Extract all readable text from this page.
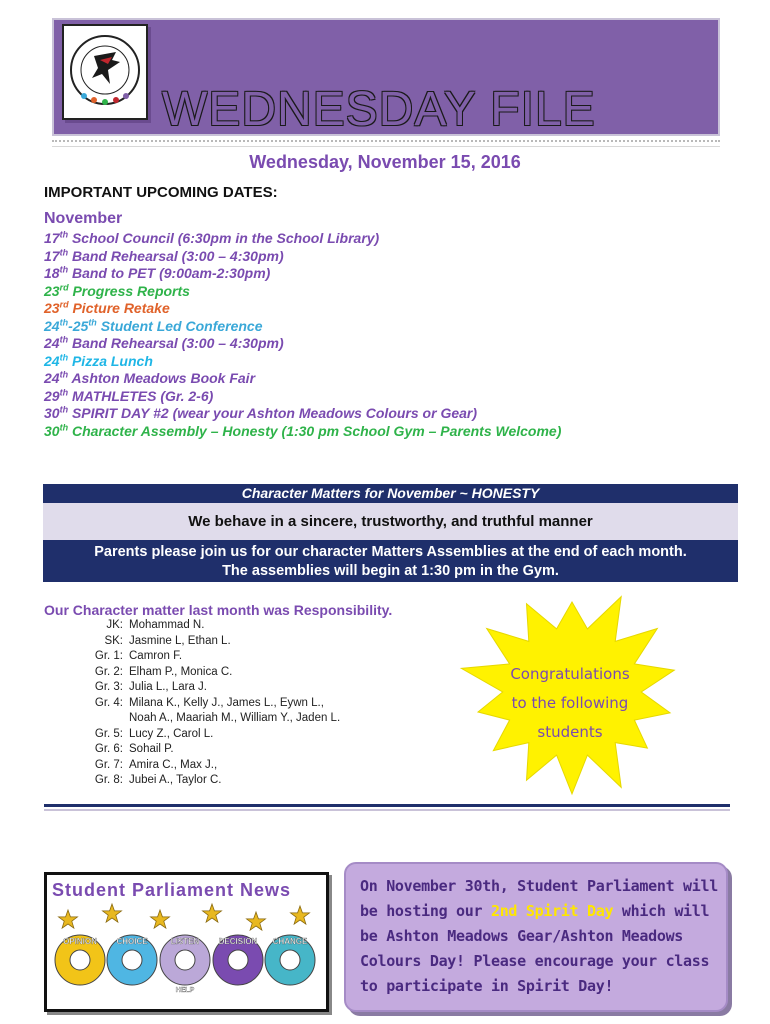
WEDNESDAY FILE
Wednesday, November 15, 2016
IMPORTANT UPCOMING DATES:
November
17th School Council (6:30pm in the School Library)
17th Band Rehearsal (3:00 – 4:30pm)
18th Band to PET (9:00am-2:30pm)
23rd Progress Reports
23rd Picture Retake
24th-25th Student Led Conference
24th Band Rehearsal (3:00 – 4:30pm)
24th Pizza Lunch
24th Ashton Meadows Book Fair
29th MATHLETES (Gr. 2-6)
30th SPIRIT DAY #2 (wear your Ashton Meadows Colours or Gear)
30th Character Assembly – Honesty (1:30 pm School Gym – Parents Welcome)
Character Matters for November ~ HONESTY
We behave in a sincere, trustworthy, and truthful manner
Parents please join us for our character Matters Assemblies at the end of each month.
The assemblies will begin at 1:30 pm in the Gym.
Our Character matter last month was Responsibility.
JK: Mohammad N.
SK: Jasmine L, Ethan L.
Gr. 1: Camron F.
Gr. 2: Elham P., Monica C.
Gr. 3: Julia L., Lara J.
Gr. 4: Milana K., Kelly J., James L., Eywn L.,
Noah A., Maariah M., William Y., Jaden L.
Gr. 5: Lucy Z., Carol L.
Gr. 6: Sohail P.
Gr. 7: Amira C., Max J.,
Gr. 8: Jubei A., Taylor C.
Congratulations
to the following
students
Student Parliament News
OPINION CHOICE	LISTEN DECISION CHANGE
HELP
On November 30th, Student Parliament will be hosting our 2nd Spirit Day which will be Ashton Meadows Gear/Ashton Meadows Colours Day! Please encourage your class to participate in Spirit Day!
